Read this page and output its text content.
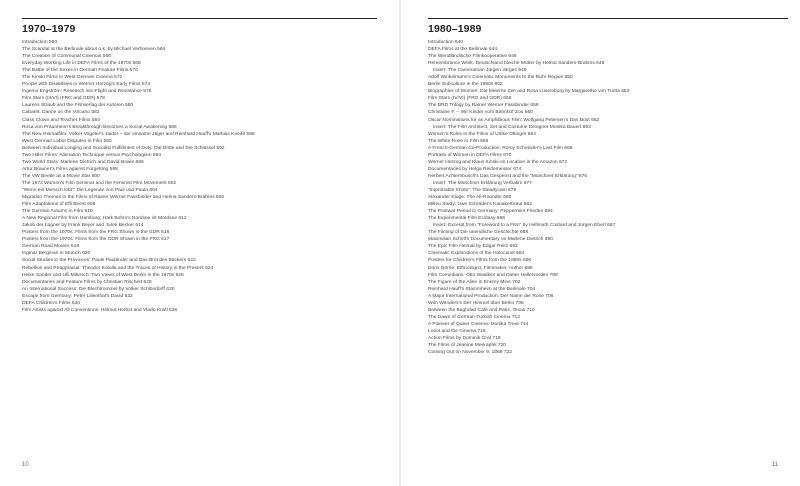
1970–1979
Introduction 560
The Scandal at the Berlinale about o.k. by Michael Verhoeven 564
The Creation of Communal Cinemas 566
Everyday Working Life in DEFA Films of the 1970s 568
The Battle of the Sexes in German Feature Films 570
The Kinski Films in West German Cinema 572
People with Disabilities in Werner Herzog's Early Films 574
Ingemo Engström: Research into Flight and Resistance 576
Film Stars (III/VI) (FRG and GDR) 578
Laurens Straub and the Filmverlag der Autoren 580
Cabaret: Dance on the Volcano 582
Class Clown and Teacher Films 584
Rosa von Praunheim's Breakthrough Becomes a Social Awakening 586
The New Heimatfilm: Volker Vogeler's Jaider – der einsame Jäger and Reinhard Hauff's Mathias Kneißl 588
West German Labor Disputes in Film 590
Between Individual Longing and Socialist Fulfillment of Duty: Die Dritte and Die Schlüssel 592
Two Hitler Films: Alienation Technique versus Psychologism 594
Two World Stars: Marlene Dietrich and David Bowie 596
Artur Brauner's Films against Forgetting 598
The VW Beetle as a Movie Star 600
The 1973 Women's Film Seminar and the Feminist Film Movement 602
"Wenn ein Mensch lebt": Die Legende von Paul und Paula 604
Migration Themes in the Films of Rainer Werner Fassbinder and Helma Sanders-Brahms 606
Film Adaptations of Effi Briest 608
The German Autumn in Film 610
A New Regional Film from Hamburg: Hark Bohm's Nordsee ist Mordsee 612
Jakob der Lügner by Frank Beyer and Jurek Becker 614
Posters from the 1970s: Films from the FRG Shown in the GDR 616
Posters from the 1970s: Films from the GDR Shown in the FRG 617
German Road Movies 618
Ingmar Bergman in Munich 620
Social Studies in the Provinces: Paule Pauländer and Das Brot des Bäckers 622
Rebellion and Reappraisal: Theodor Kotulla and the Traces of History in the Present 624
Heike Sander and Ulli Mikesch: Two Views of West Berlin in the 1970s 626
Documentaries and Feature Films by Christian Rischert 628
An International Success: Die Blechtrommel by Volker Schlöndorff 630
Escape from Germany: Peter Lilienthal's David 632
DEFA Children's Films 634
Film Artists against All Conventions: Helmut Herbst and Vlado Kristl 636
10
1980–1989
Introduction 640
DEFA Films at the Berlinale 644
The Wendländische Filmkooperative 646
Remembrance Work: Deutschland bleiche Mutter by Helma Sanders-Brahms 648
Insert: The Cameraman Jürgen Jürges 649
Adolf Winkelmann's Cinematic Monuments to the Ruhr Region 650
Berlin Subculture in the 1980s 652
Biographies of Women: Die bleierne Zeit and Rosa Luxemburg by Margarethe von Trotta 654
Film Stars (IV/VI) (FRG and GDR) 656
The BRD Trilogy by Rainer Werner Fassbinder 658
Christiane F. – Wir Kinder vom Bahnhof Zoo 660
Oscar Nominations for an Amphibious Film: Wolfgang Petersen's Das Boot 662
Insert: The Film Architect, Set and Costume Designer Monika Bauert 663
Women's Roles in the Films of Ulrike Ottinger 664
The White Rose in Film 666
A French-German Co-Production: Romy Schneider's Last Film 668
Portraits of Women in DEFA Films 670
Werner Herzog and Klaus Kinski on Location in the Amazon 672
Documentaries by Helga Reidemeister 674
Herbert Achternbusch's Das Gespenst and the "Münchner Erklärung" 676
Insert: The Münchner Erklärung Verbatim 677
"Improbable Shots": The Steadycam 678
Alexander Kluge: The All-Rounder 680
Milieu Study: Uwe Schrader's Kanakerbraut 682
The Postwar Period in Germany: Peppermint Frieden 684
The Experimental Film Ecstasy 686
Insert: Excerpt from "Foreword to a Film" by Hellmuth Costard and Jürgen Ebert 687
The Filming of Die unendliche Geschichte 688
Maximilian Schell's Documentary on Marlene Dietrich 690
The Epic Film Heimat by Edgar Reitz 692
Cinematic Explorations of the Holocaust 694
Posters for Children's Films from the 1980s 696
Doris Dörrie: Ethnologist, Filmmaker, Author 698
Film Comedians: Otto Waalkes and Dieter Hallervorden 700
The Figure of the Alien in Enemy Mine 702
Reinhard Hauff's Stammheim at the Berlinale 704
A Major International Production: Der Name der Rose 706
Wim Wenders's Der Himmel über Berlin 708
Between the Baghdad Café and Paris, Texas 710
The Dawn of German-Turkish Cinema 712
A Pioneer of Queer Cinema: Monika Treut 714
Loriot and the Cinema 716
Action Films by Dominik Graf 718
The Films of Jeanine Meerapfel 720
Coming Out on November 9, 1989 722
11
